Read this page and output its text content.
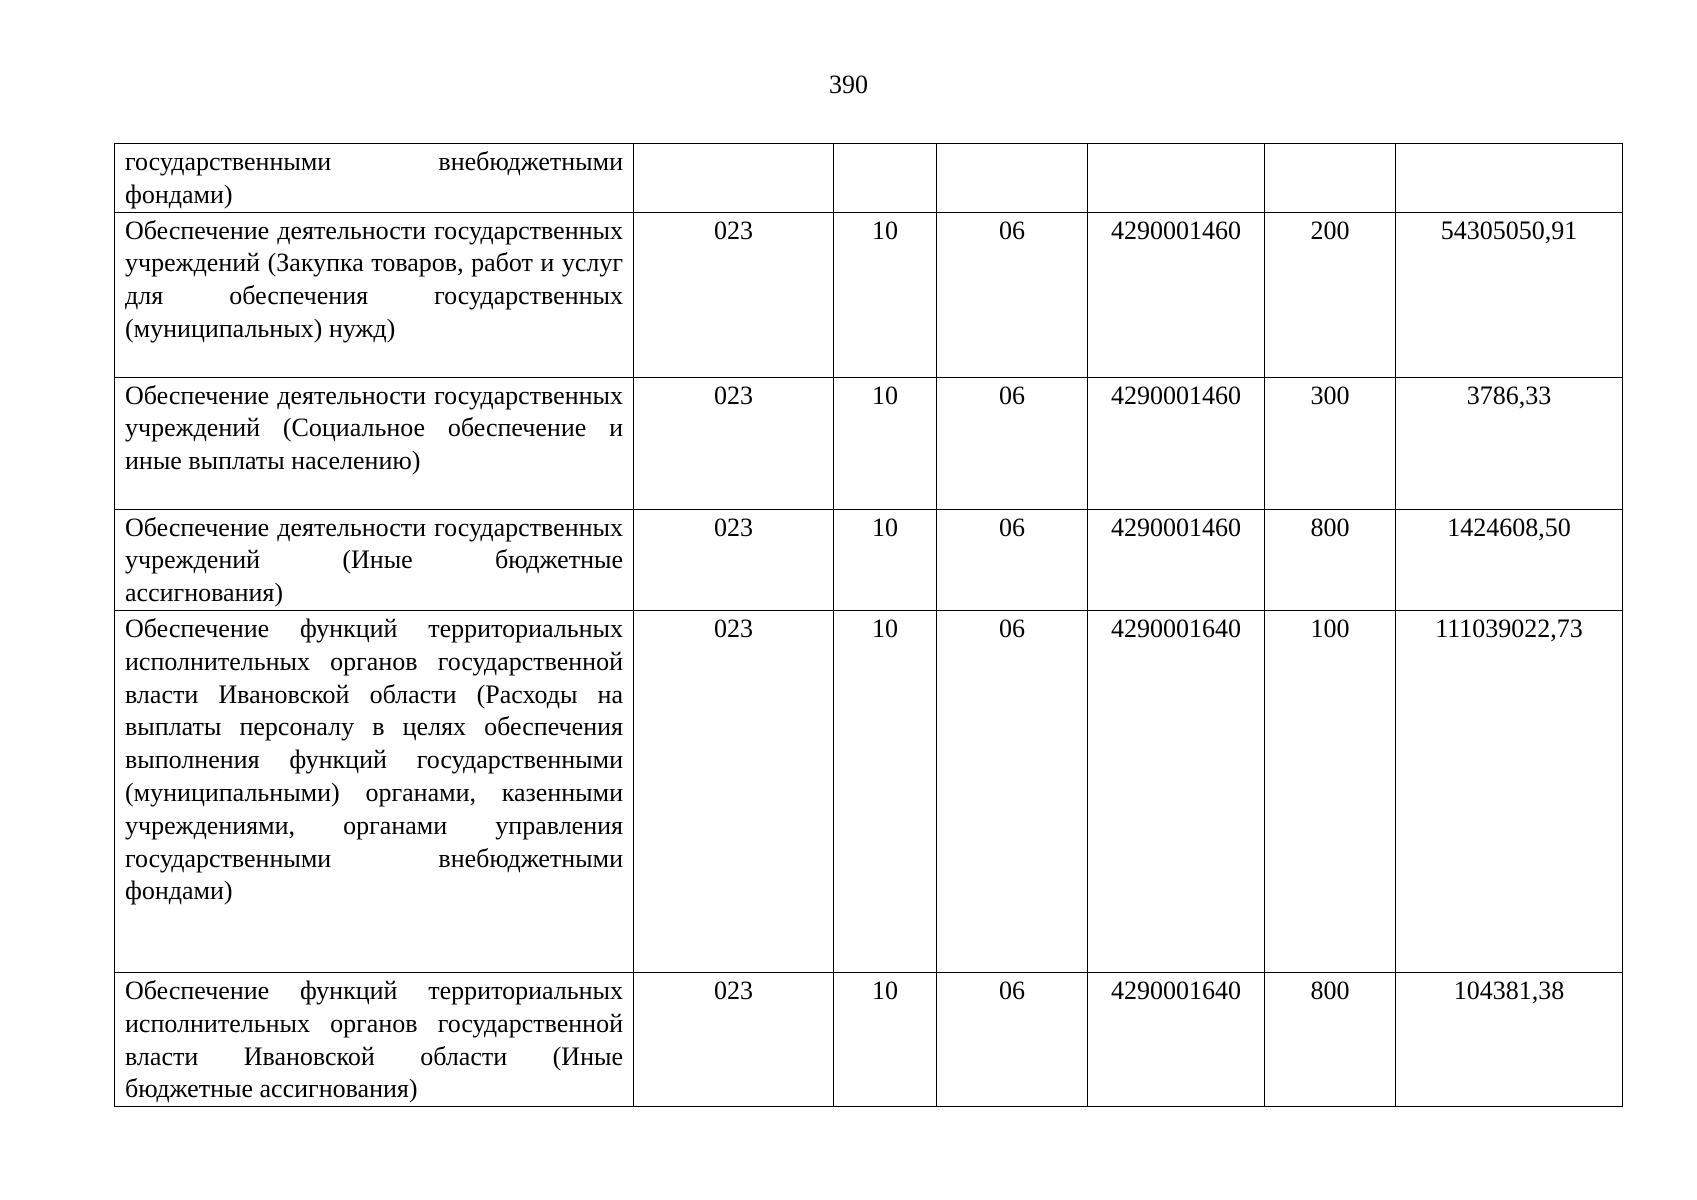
390
государственными внебюджетными фондами)						
Обеспечение деятельности государственных учреждений (Закупка товаров, работ и услуг для обеспечения государственных (муниципальных) нужд)	023	10	06	4290001460	200	54305050,91
Обеспечение деятельности государственных учреждений (Социальное обеспечение и иные выплаты населению)	023	10	06	4290001460	300	3786,33
Обеспечение деятельности государственных учреждений (Иные бюджетные ассигнования)	023	10	06	4290001460	800	1424608,50
Обеспечение функций территориальных исполнительных органов государственной власти Ивановской области (Расходы на выплаты персоналу в целях обеспечения выполнения функций государственными (муниципальными) органами, казенными учреждениями, органами управления государственными внебюджетными фондами)	023	10	06	4290001640	100	111039022,73
Обеспечение функций территориальных исполнительных органов государственной власти Ивановской области (Иные бюджетные ассигнования)	023	10	06	4290001640	800	104381,38
